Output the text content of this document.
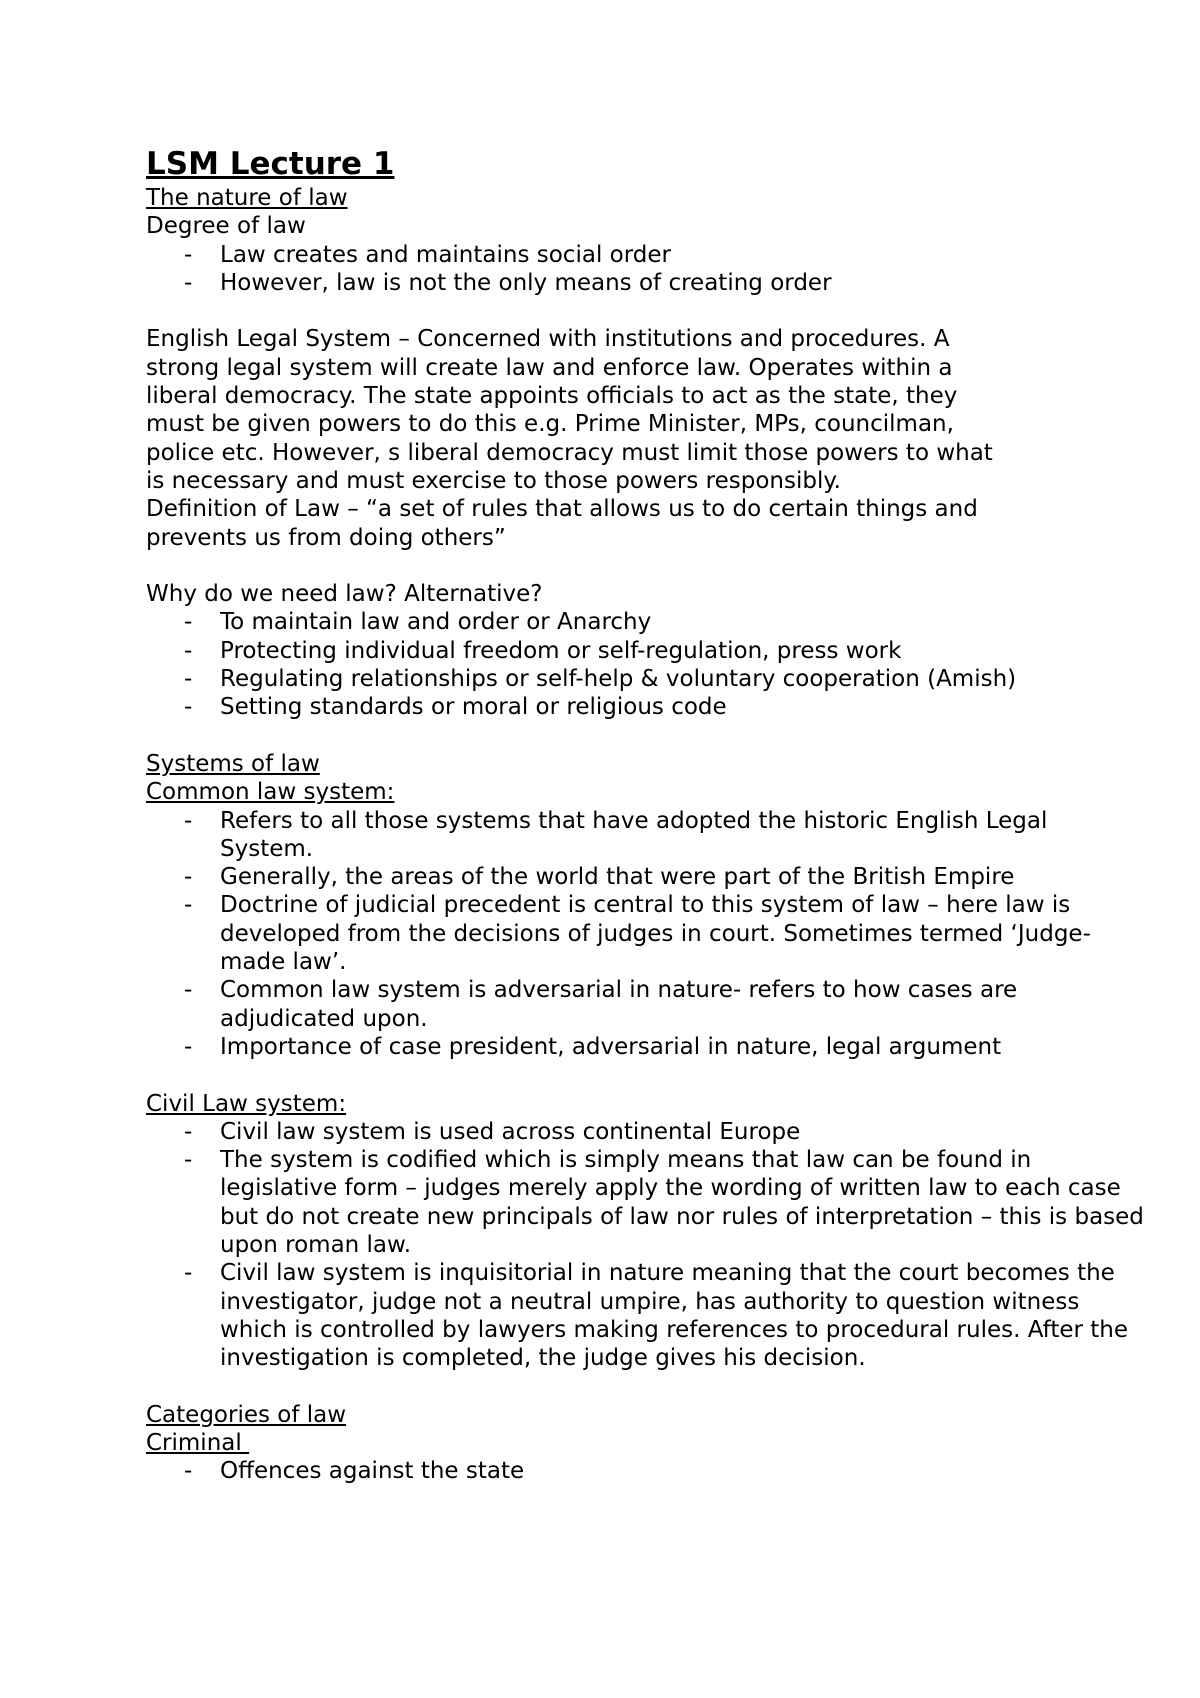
LSM Lecture 1

The nature of law

Degree of law

- Law creates and maintains social order
- However, law is not the only means of creating order

English Legal System – Concerned with institutions and procedures. A

strong legal system will create law and enforce law. Operates within a

liberal democracy. The state appoints officials to act as the state, they

must be given powers to do this e.g. Prime Minister, MPs, councilman,

police etc. However, s liberal democracy must limit those powers to what

is necessary and must exercise to those powers responsibly.

Definition of Law – “a set of rules that allows us to do certain things and

prevents us from doing others”

Why do we need law? Alternative?

- To maintain law and order or Anarchy
- Protecting individual freedom or self-regulation, press work
- Regulating relationships or self-help & voluntary cooperation (Amish)
- Setting standards or moral or religious code

Systems of law

Common law system:

- Refers to all those systems that have adopted the historic English Legal System.
- Generally, the areas of the world that were part of the British Empire
- Doctrine of judicial precedent is central to this system of law – here law is developed from the decisions of judges in court. Sometimes termed ‘Judge-made law’.
- Common law system is adversarial in nature- refers to how cases are adjudicated upon.
- Importance of case president, adversarial in nature, legal argument

Civil Law system:

- Civil law system is used across continental Europe
- The system is codified which is simply means that law can be found in legislative form – judges merely apply the wording of written law to each case but do not create new principals of law nor rules of interpretation – this is based upon roman law.
- Civil law system is inquisitorial in nature meaning that the court becomes the investigator, judge not a neutral umpire, has authority to question witness which is controlled by lawyers making references to procedural rules. After the investigation is completed, the judge gives his decision.

Categories of law

Criminal

- Offences against the state
